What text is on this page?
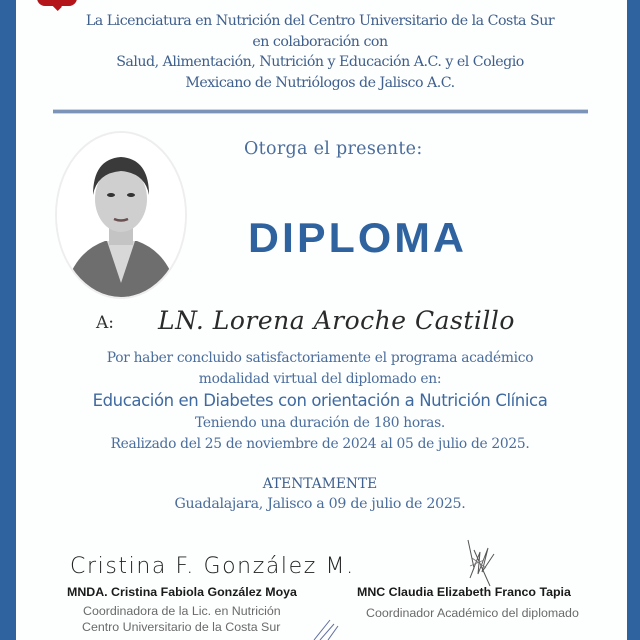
La Licenciatura en Nutrición del Centro Universitario de la Costa Sur
en colaboración con
Salud, Alimentación, Nutrición y Educación A.C. y el Colegio
Mexicano de Nutriólogos de Jalisco A.C.
Otorga el presente:
DIPLOMA
A: LN. Lorena Aroche Castillo
Por haber concluido satisfactoriamente el programa académico
modalidad virtual del diplomado en:
Educación en Diabetes con orientación a Nutrición Clínica
Teniendo una duración de 180 horas.
Realizado del 25 de noviembre de 2024 al 05 de julio de 2025.
ATENTAMENTE
Guadalajara, Jalisco a 09 de julio de 2025.
Cristina F. González M.
MNDA. Cristina Fabiola González Moya
Coordinadora de la Lic. en Nutrición
Centro Universitario de la Costa Sur
MNC Claudia Elizabeth Franco Tapia
Coordinador Académico del diplomado
